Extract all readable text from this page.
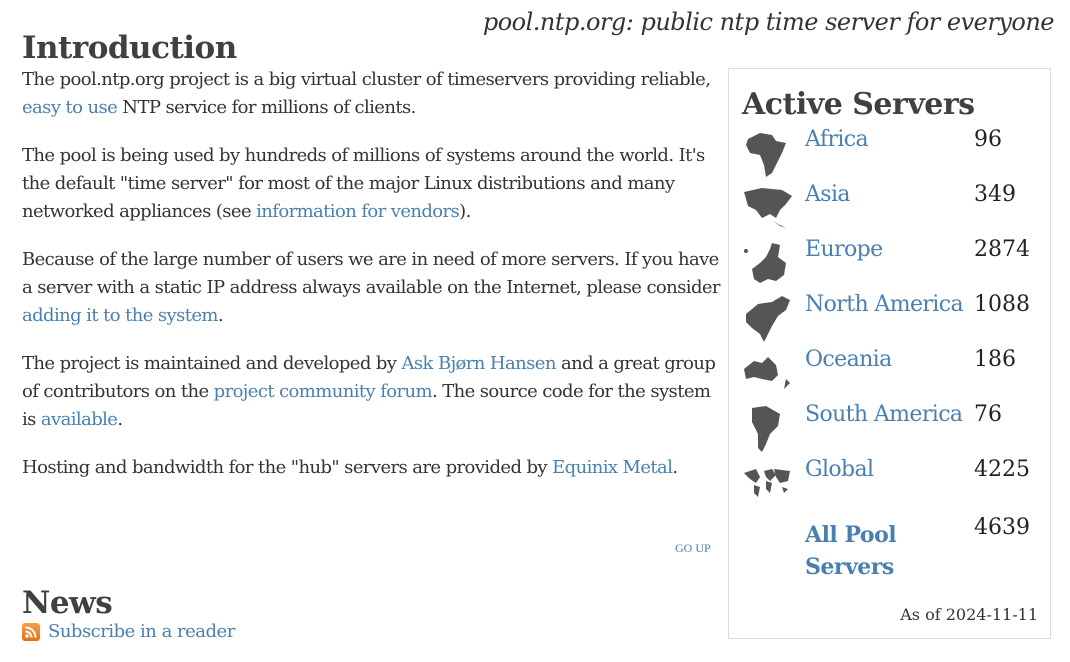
pool.ntp.org: public ntp time server for everyone
Introduction

The pool.ntp.org project is a big virtual cluster of timeservers providing reliable, easy to use NTP service for millions of clients.

The pool is being used by hundreds of millions of systems around the world. It's the default "time server" for most of the major Linux distributions and many networked appliances (see information for vendors).

Because of the large number of users we are in need of more servers. If you have a server with a static IP address always available on the Internet, please consider adding it to the system.

The project is maintained and developed by Ask Bjørn Hansen and a great group of contributors on the project community forum. The source code for the system is available.

Hosting and bandwidth for the "hub" servers are provided by Equinix Metal.

GO UP
News
Subscribe in a reader
Active Servers
Africa	96
Asia	349
Europe	2874
North America 1088
Oceania	186
South America 76
Global	4225
All Pool Servers
4639
As of 2024-11-11
